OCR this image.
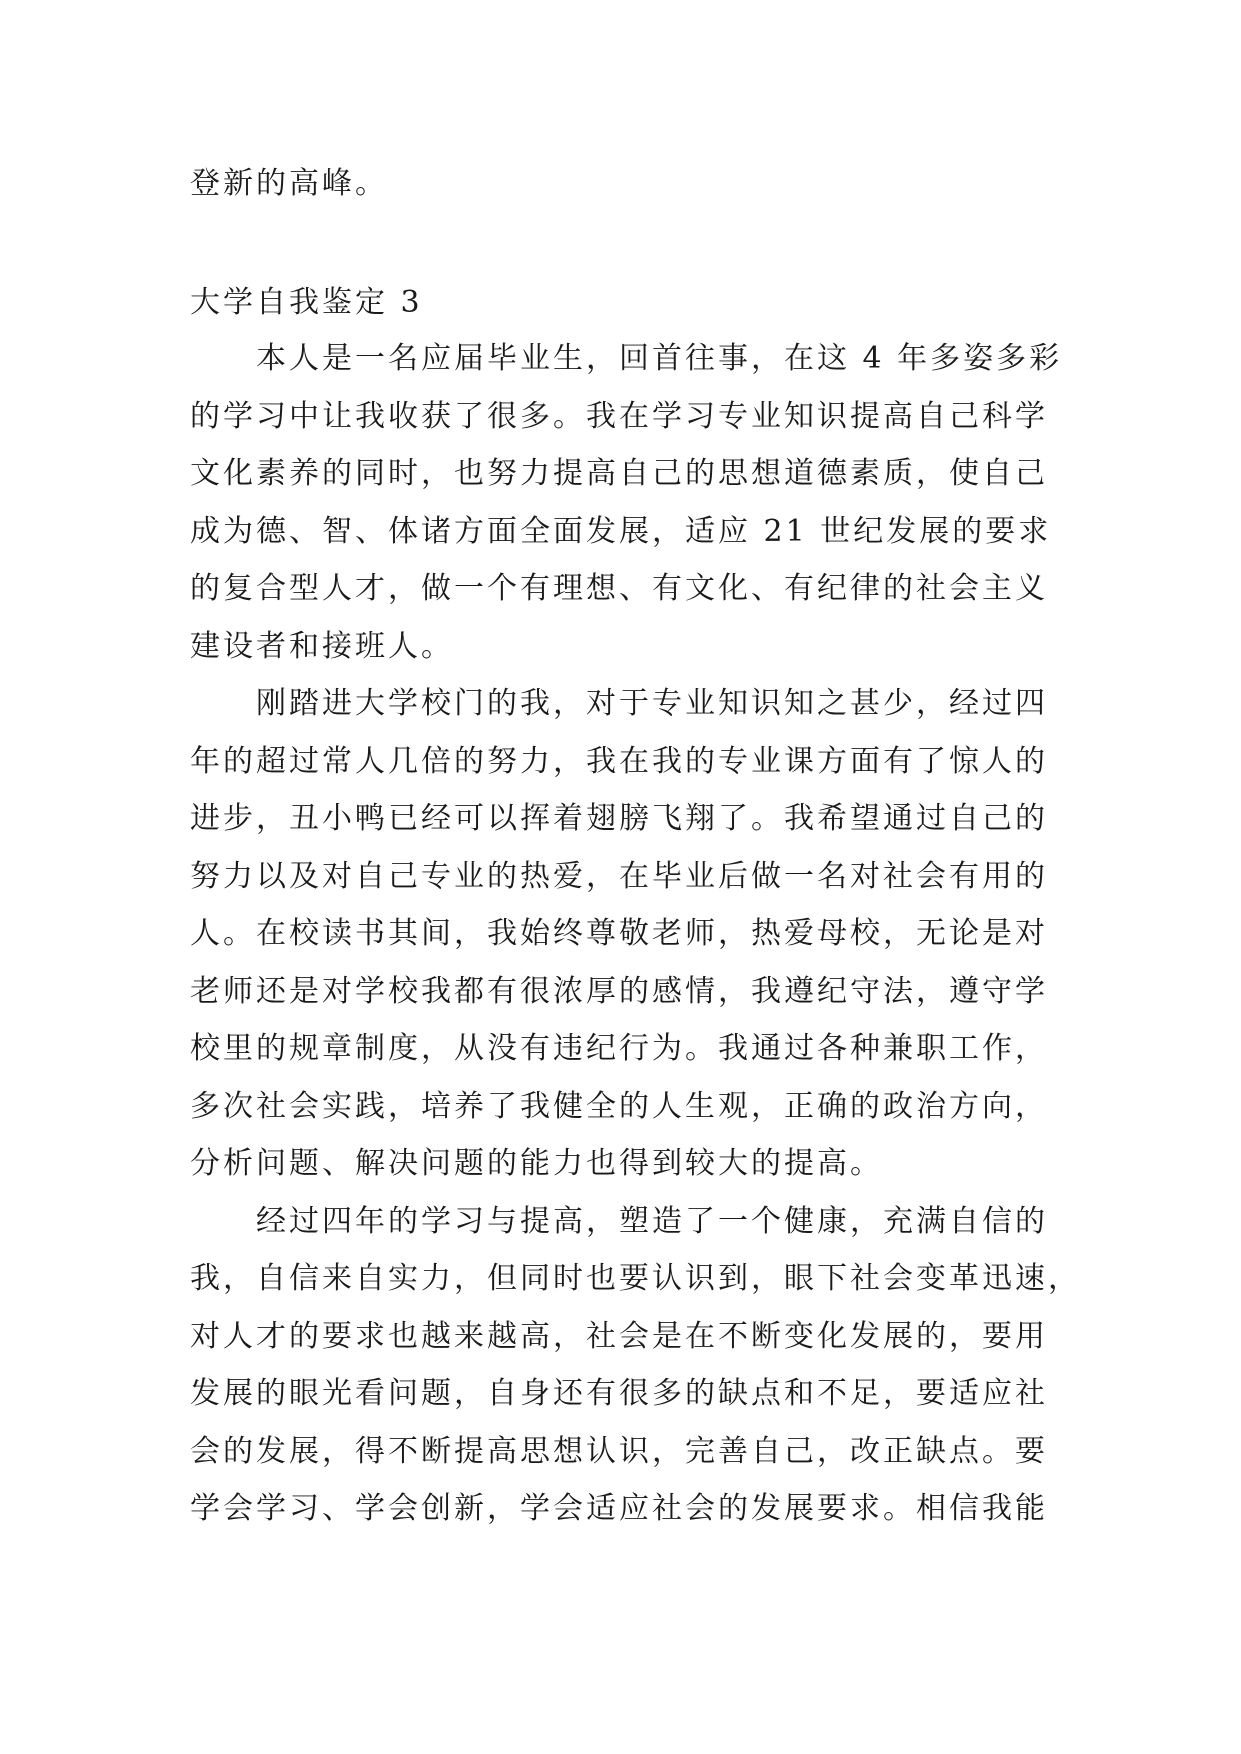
登新的高峰。
大学自我鉴定 3
本人是一名应届毕业生，回首往事，在这 4 年多姿多彩
的学习中让我收获了很多。我在学习专业知识提高自己科学
文化素养的同时，也努力提高自己的思想道德素质，使自己
成为德、智、体诸方面全面发展，适应 21 世纪发展的要求
的复合型人才，做一个有理想、有文化、有纪律的社会主义
建设者和接班人。
刚踏进大学校门的我，对于专业知识知之甚少，经过四
年的超过常人几倍的努力，我在我的专业课方面有了惊人的
进步，丑小鸭已经可以挥着翅膀飞翔了。我希望通过自己的
努力以及对自己专业的热爱，在毕业后做一名对社会有用的
人。在校读书其间，我始终尊敬老师，热爱母校，无论是对
老师还是对学校我都有很浓厚的感情，我遵纪守法，遵守学
校里的规章制度，从没有违纪行为。我通过各种兼职工作，
多次社会实践，培养了我健全的人生观，正确的政治方向，
分析问题、解决问题的能力也得到较大的提高。
经过四年的学习与提高，塑造了一个健康，充满自信的
我，自信来自实力，但同时也要认识到，眼下社会变革迅速，
对人才的要求也越来越高，社会是在不断变化发展的，要用
发展的眼光看问题，自身还有很多的缺点和不足，要适应社
会的发展，得不断提高思想认识，完善自己，改正缺点。要
学会学习、学会创新，学会适应社会的发展要求。相信我能
